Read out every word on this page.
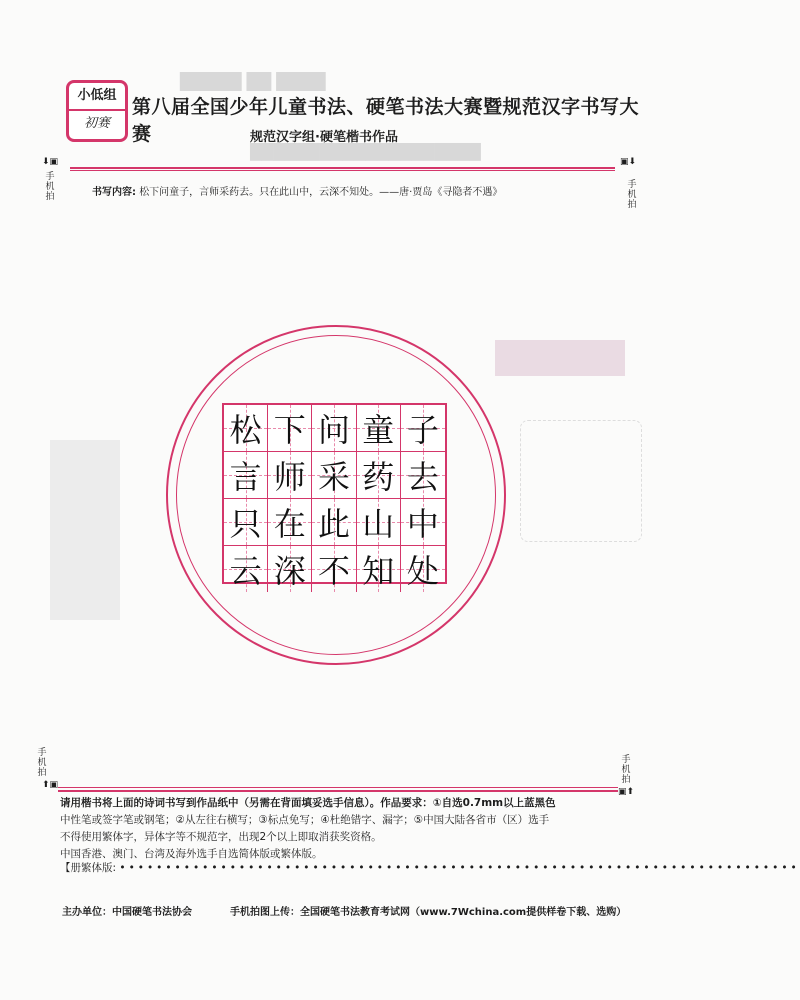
█████ ██ ████
████████████████████
小低组
初赛
第八届全国少年儿童书法、硬笔书法大赛暨规范汉字书写大赛	规范汉字组·硬笔楷书作品
⬇▣
手机拍
▣⬇
手机拍
书写内容: 松下问童子，言师采药去。只在此山中，云深不知处。——唐·贾岛《寻隐者不遇》
松 下 问 童 子
言 师 采 药 去
只 在 此 山 中
云 深 不 知 处
手机拍
⬆▣
手机拍
▣⬆
请用楷书将上面的诗词书写到作品纸中（另需在背面填妥选手信息）。作品要求：①自选0.7mm以上蓝黑色
中性笔或签字笔或钢笔；②从左往右横写；③标点免写；④杜绝错字、漏字；⑤中国大陆各省市（区）选手
不得使用繁体字，异体字等不规范字，出现2个以上即取消获奖资格。
中国香港、澳门、台湾及海外选手自选简体版或繁体版。
【册繁体版: ••••••••••••••••••••••••••••••••••••••••••••••••••••••••••••••••••••••••••
主办单位：中国硬笔书法协会	手机拍图上传：全国硬笔书法教育考试网（www.7Wchina.com提供样卷下载、选购）
